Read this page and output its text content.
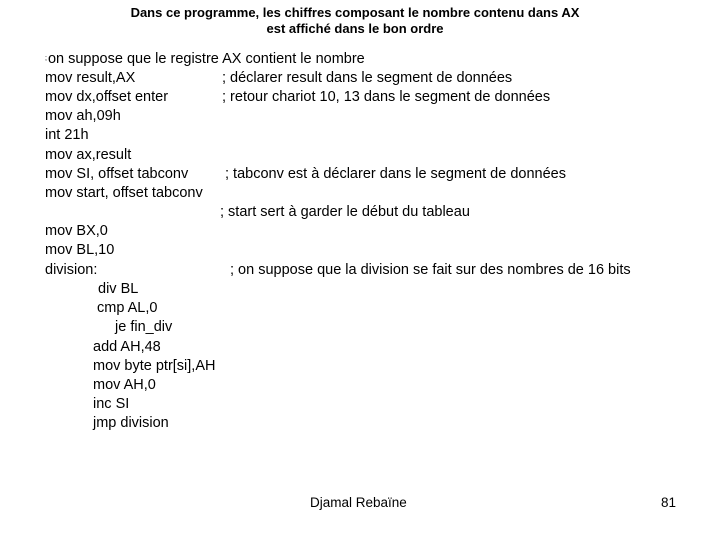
Dans ce programme, les chiffres composant le nombre contenu dans AX
est affiché dans le bon ordre
;on suppose que le registre AX contient le nombre
mov result,AX
mov dx,offset enter
mov ah,09h
int 21h
mov ax,result
mov SI, offset tabconv
mov start, offset tabconv
mov BX,0
mov BL,10
division:
div BL
cmp AL,0
je fin_div
add AH,48
mov byte ptr[si],AH
mov AH,0
inc SI
jmp division
; déclarer result dans le segment de données
; retour chariot 10, 13 dans le segment de données
; tabconv est à déclarer dans le segment de données
; start sert à garder le début du tableau
; on suppose que la division se fait sur des nombres de 16 bits
Djamal Rebaïne	81
